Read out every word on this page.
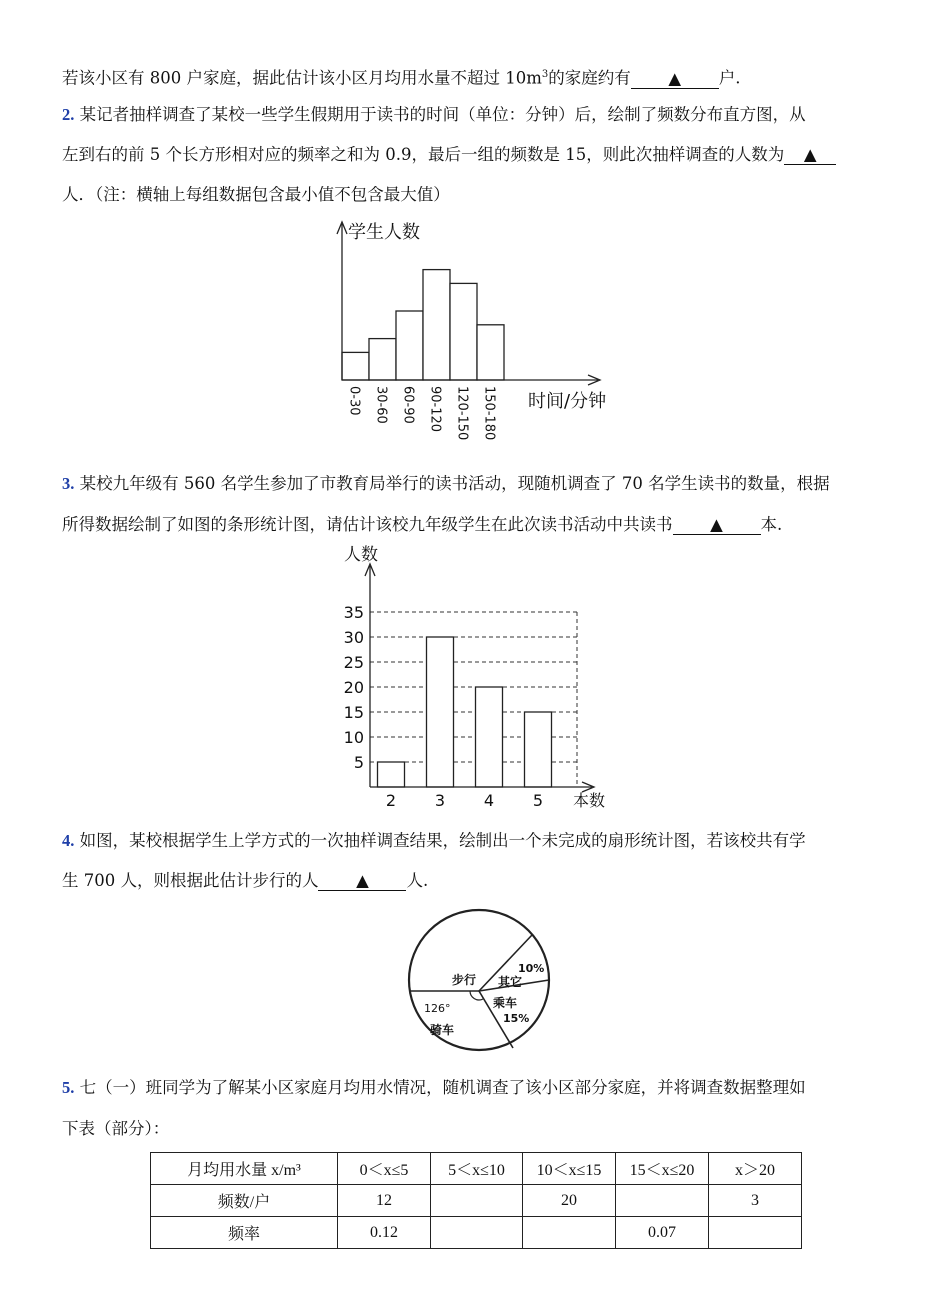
若该小区有 800 户家庭，据此估计该小区月均用水量不超过 $10m^3$的家庭约有 ▲ 户.
2. 某记者抽样调查了某校一些学生假期用于读书的时间（单位：分钟）后，绘制了频数分布直方图，从
左到右的前 5 个长方形相对应的频率之和为 0.9，最后一组的频数是 15，则此次抽样调查的人数为 ▲
人．（注：横轴上每组数据包含最小值不包含最大值）
学生人数
时间/分钟
0-30 30-60 60-90 90-120 120-150 150-180
3. 某校九年级有 560 名学生参加了市教育局举行的读书活动，现随机调查了 70 名学生读书的数量，根据
所得数据绘制了如图的条形统计图，请估计该校九年级学生在此次读书活动中共读书 ▲ 本.
人数
本数
5
10
15
20
25
30
35
2 3 4 5
4. 如图，某校根据学生上学方式的一次抽样调查结果，绘制出一个未完成的扇形统计图，若该校共有学
生 700 人，则根据此估计步行的人 ▲ 人.
步行 其它
10%
乘车
15%
126°
骑车
5. 七（一）班同学为了解某小区家庭月均用水情况，随机调查了该小区部分家庭，并将调查数据整理如
下表（部分）：
月均用水量 x/m³	0＜x≤5	5＜x≤10	10＜x≤15	15＜x≤20	x＞20
频数/户	12		20		3
频率	0.12			0.07	
